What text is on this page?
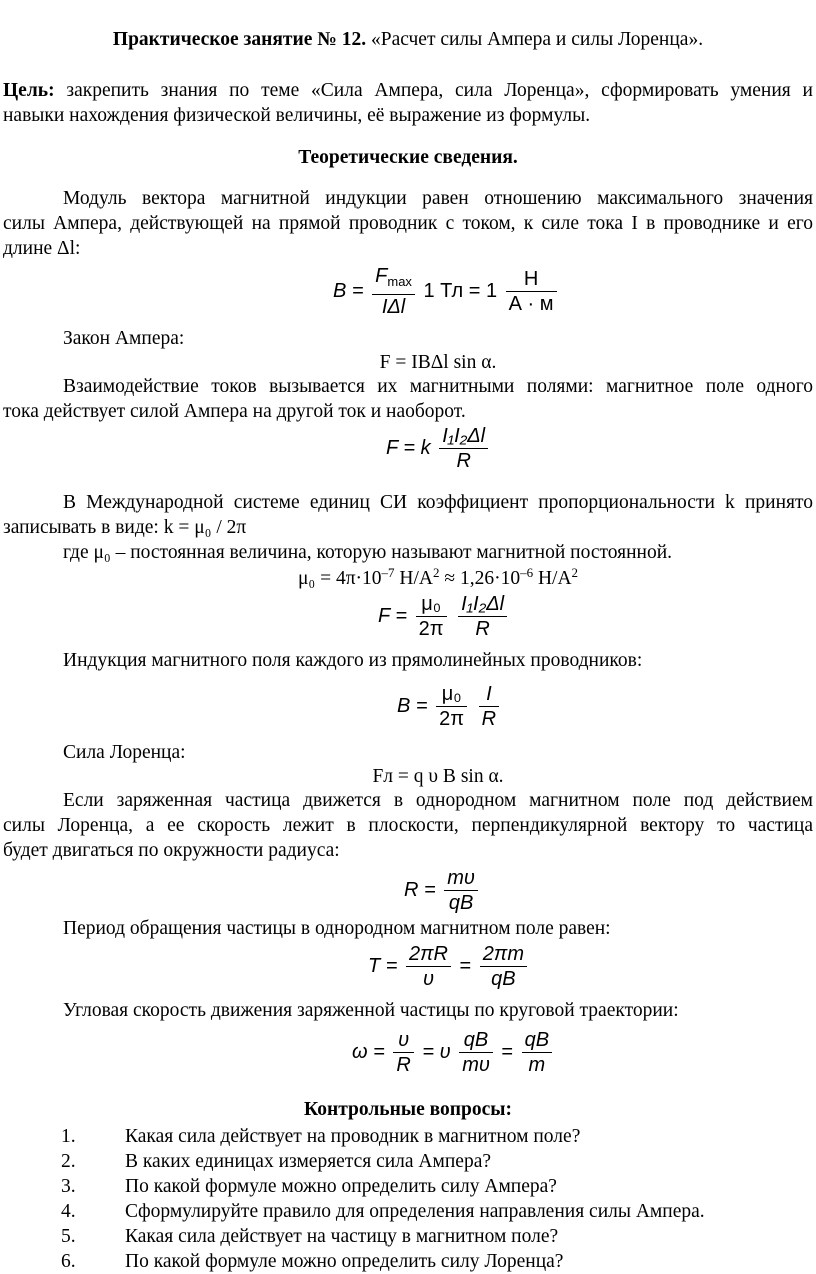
Практическое занятие № 12. «Расчет силы Ампера и силы Лоренца».
Цель: закрепить знания по теме «Сила Ампера, сила Лоренца», сформировать умения и
навыки нахождения физической величины, её выражение из формулы.
Теоретические сведения.
Модуль вектора магнитной индукции равен отношению максимального значения
силы Ампера, действующей на прямой проводник с током, к силе тока I в проводнике и его
длине Δl:
$B = \frac{F_{max}}{\text{IΔl}} 1$ Тл = $1 \frac{Н}{А \cdot м}$
Закон Ампера:
F = IBΔl sin α.
Взаимодействие токов вызывается их магнитными полями: магнитное поле одного
тока действует силой Ампера на другой ток и наоборот.
F = k $\frac{\text{I₁I₂Δl}}{R}$
В Международной системе единиц СИ коэффициент пропорциональности k принято
записывать в виде: k = μ₀ / 2π
где μ₀ – постоянная величина, которую называют магнитной постоянной.
$\mu_0 = 4\pi\cdot 10^{-7}$ $Н/А^2 \approx 1,26\cdot 10^{-6}$ $Н/А^2$
$F = \frac{\text{μ₀}}{2\pi}$
$\frac{\text{I₁I₂Δl}}{R}$
Индукция магнитного поля каждого из прямолинейных проводников:
$B = \frac{\text{μ₀}}{2\pi}$
$\frac{I}{R}$
Сила Лоренца:
Fл = q υ B sin α.
Если заряженная частица движется в однородном магнитном поле под действием
силы Лоренца, а ее скорость лежит в плоскости, перпендикулярной вектору то частица
будет двигаться по окружности радиуса:
$R = \frac{m\upsilon}{qB}$
Период обращения частицы в однородном магнитном поле равен:
$T = \frac{2\pi R}{\upsilon} = \frac{2\pi m}{qB}$
Угловая скорость движения заряженной частицы по круговой траектории:
$\omega = \frac{\upsilon}{R} = \upsilon \frac{qB}{m\upsilon} = \frac{qB}{m}$
Контрольные вопросы:
1.	Какая сила действует на проводник в магнитном поле?
2.	В каких единицах измеряется сила Ампера?
3.	По какой формуле можно определить силу Ампера?
4.	Сформулируйте правило для определения направления силы Ампера.
5.	Какая сила действует на частицу в магнитном поле?
6.	По какой формуле можно определить силу Лоренца?
